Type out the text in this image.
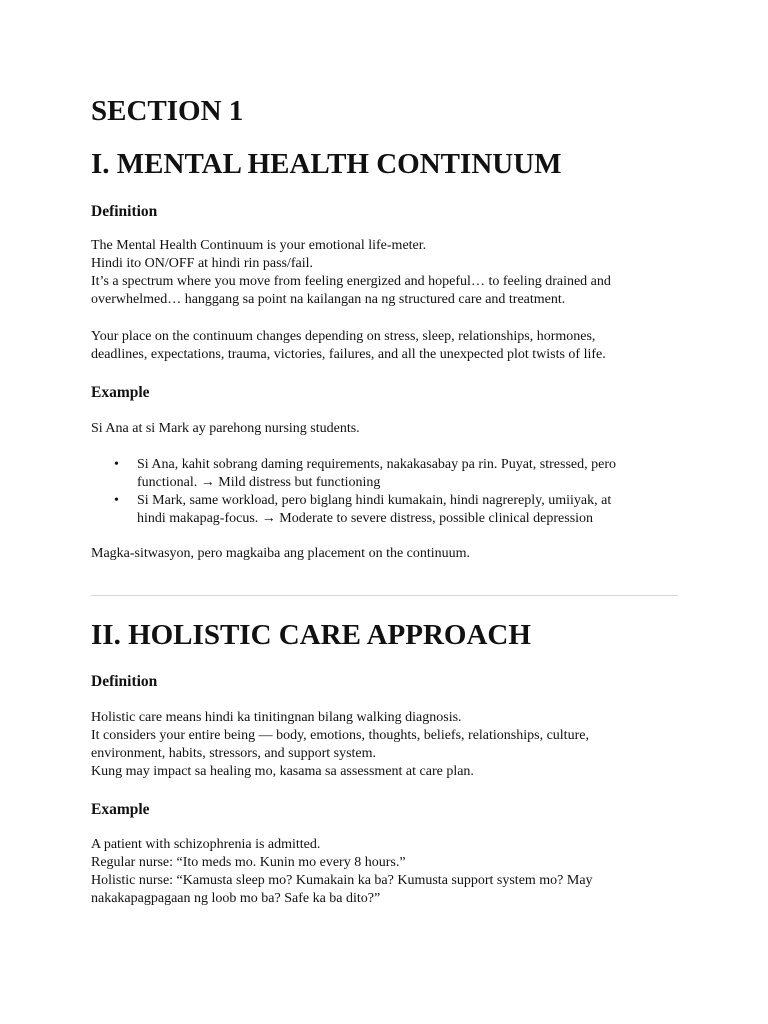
SECTION 1
I. MENTAL HEALTH CONTINUUM
Definition
The Mental Health Continuum is your emotional life-meter.
Hindi ito ON/OFF at hindi rin pass/fail.
It’s a spectrum where you move from feeling energized and hopeful… to feeling drained and
overwhelmed… hanggang sa point na kailangan na ng structured care and treatment.
Your place on the continuum changes depending on stress, sleep, relationships, hormones,
deadlines, expectations, trauma, victories, failures, and all the unexpected plot twists of life.
Example
Si Ana at si Mark ay parehong nursing students.
• Si Ana, kahit sobrang daming requirements, nakakasabay pa rin. Puyat, stressed, pero
functional. → Mild distress but functioning
• Si Mark, same workload, pero biglang hindi kumakain, hindi nagrereply, umiiyak, at
hindi makapag-focus. → Moderate to severe distress, possible clinical depression
Magka-sitwasyon, pero magkaiba ang placement on the continuum.
II. HOLISTIC CARE APPROACH
Definition
Holistic care means hindi ka tinitingnan bilang walking diagnosis.
It considers your entire being — body, emotions, thoughts, beliefs, relationships, culture,
environment, habits, stressors, and support system.
Kung may impact sa healing mo, kasama sa assessment at care plan.
Example
A patient with schizophrenia is admitted.
Regular nurse: “Ito meds mo. Kunin mo every 8 hours.”
Holistic nurse: “Kamusta sleep mo? Kumakain ka ba? Kumusta support system mo? May
nakakapagpagaan ng loob mo ba? Safe ka ba dito?”
